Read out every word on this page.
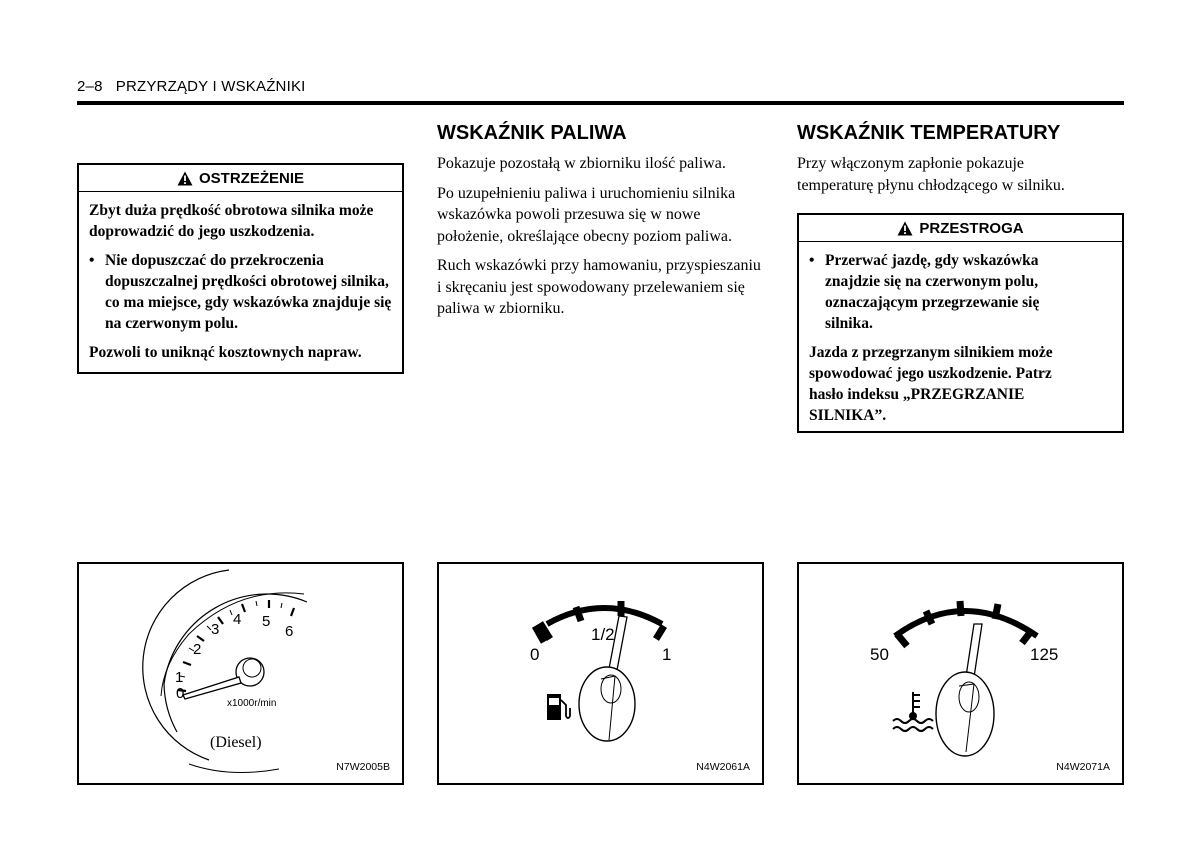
2–8 PRZYRZĄDY I WSKAŹNIKI
OSTRZEŻENIE

Zbyt duża prędkość obrotowa silnika może doprowadzić do jego uszkodzenia.

• Nie dopuszczać do przekroczenia dopuszczalnej prędkości obrotowej silnika, co ma miejsce, gdy wskazówka znajduje się na czerwonym polu.

Pozwoli to uniknąć kosztownych napraw.

WSKAŹNIK PALIWA

Pokazuje pozostałą w zbiorniku ilość paliwa.

Po uzupełnieniu paliwa i uruchomieniu silnika wskazówka powoli przesuwa się w nowe położenie, określające obecny poziom paliwa.

Ruch wskazówki przy hamowaniu, przyspieszaniu i skręcaniu jest spowodowany przelewaniem się paliwa w zbiorniku.

WSKAŹNIK TEMPERATURY

Przy włączonym zapłonie pokazuje temperaturę płynu chłodzącego w silniku.

PRZESTROGA
• Przerwać jazdę, gdy wskazówka znajdzie się na czerwonym polu, oznaczającym przegrzewanie się silnika.

Jazda z przegrzanym silnikiem może spowodować jego uszkodzenie. Patrz hasło indeksu „PRZEGRZANIE SILNIKA”.

0
1
2
3
4 5
6
x1000r/min
(Diesel)
N7W2005B
0
1/2
1
N4W2061A
50	125
N4W2071A
